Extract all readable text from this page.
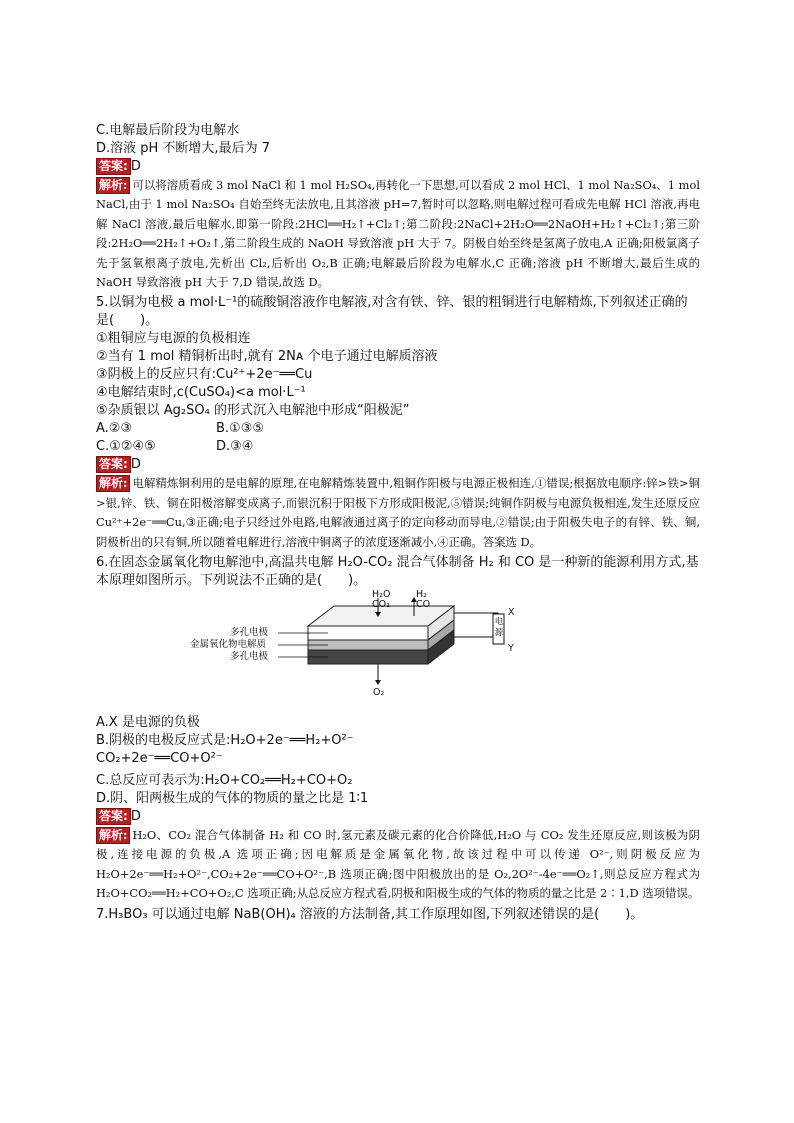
C.电解最后阶段为电解水
D.溶液 pH 不断增大,最后为 7
答案: D
解析: 可以将溶质看成 3 mol NaCl 和 1 mol H₂SO₄,再转化一下思想,可以看成 2 mol HCl、1 mol Na₂SO₄、1 mol NaCl,由于 1 mol Na₂SO₄ 自始至终无法放电,且其溶液 pH=7,暂时可以忽略,则电解过程可看成先电解 HCl 溶液,再电解 NaCl 溶液,最后电解水,即第一阶段:2HCl══H₂↑+Cl₂↑;第二阶段:2NaCl+2H₂O══2NaOH+H₂↑+Cl₂↑;第三阶段:2H₂O══2H₂↑+O₂↑,第二阶段生成的 NaOH 导致溶液 pH 大于 7。阴极自始至终是氢离子放电,A 正确;阳极氯离子先于氢氧根离子放电,先析出 Cl₂,后析出 O₂,B 正确;电解最后阶段为电解水,C 正确;溶液 pH 不断增大,最后生成的 NaOH 导致溶液 pH 大于 7,D 错误,故选 D。
5.以铜为电极 a mol·L⁻¹的硫酸铜溶液作电解液,对含有铁、锌、银的粗铜进行电解精炼,下列叙述正确的是(　　)。
①粗铜应与电源的负极相连
②当有 1 mol 精铜析出时,就有 2Nᴀ 个电子通过电解质溶液
③阴极上的反应只有:Cu²⁺+2e⁻══Cu
④电解结束时,c(CuSO₄)<a mol·L⁻¹
⑤杂质银以 Ag₂SO₄ 的形式沉入电解池中形成“阳极泥”
A.②③	B.①③⑤
C.①②④⑤	D.③④
答案: D
解析: 电解精炼铜利用的是电解的原理,在电解精炼装置中,粗铜作阳极与电源正极相连,①错误;根据放电顺序:锌>铁>铜>银,锌、铁、铜在阳极溶解变成离子,而银沉积于阳极下方形成阳极泥,⑤错误;纯铜作阴极与电源负极相连,发生还原反应 Cu²⁺+2e⁻══Cu,③正确;电子只经过外电路,电解液通过离子的定向移动而导电,②错误;由于阳极失电子的有锌、铁、铜,阴极析出的只有铜,所以随着电解进行,溶液中铜离子的浓度逐渐减小,④正确。答案选 D。
6.在固态金属氧化物电解池中,高温共电解 H₂O-CO₂ 混合气体制备 H₂ 和 CO 是一种新的能源利用方式,基本原理如图所示。下列说法不正确的是(　　)。
H₂O
CO₂
H₂
CO
多孔电极
金属氧化物电解质
多孔电极
X
Y
电源
O₂
A.X 是电源的负极
B.阴极的电极反应式是:H₂O+2e⁻══H₂+O²⁻
CO₂+2e⁻══CO+O²⁻
C.总反应可表示为:H₂O+CO₂══H₂+CO+O₂
D.阴、阳两极生成的气体的物质的量之比是 1∶1
答案: D
解析: H₂O、CO₂ 混合气体制备 H₂ 和 CO 时,氢元素及碳元素的化合价降低,H₂O 与 CO₂ 发生还原反应,则该极为阴极,连接电源的负极,A 选项正确;因电解质是金属氧化物,故该过程中可以传递 O²⁻,则阴极反应为 H₂O+2e⁻══H₂+O²⁻,CO₂+2e⁻══CO+O²⁻,B 选项正确;图中阳极放出的是 O₂,2O²⁻-4e⁻══O₂↑,则总反应方程式为 H₂O+CO₂══H₂+CO+O₂,C 选项正确;从总反应方程式看,阴极和阳极生成的气体的物质的量之比是 2∶1,D 选项错误。
7.H₃BO₃ 可以通过电解 NaB(OH)₄ 溶液的方法制备,其工作原理如图,下列叙述错误的是(　　)。
